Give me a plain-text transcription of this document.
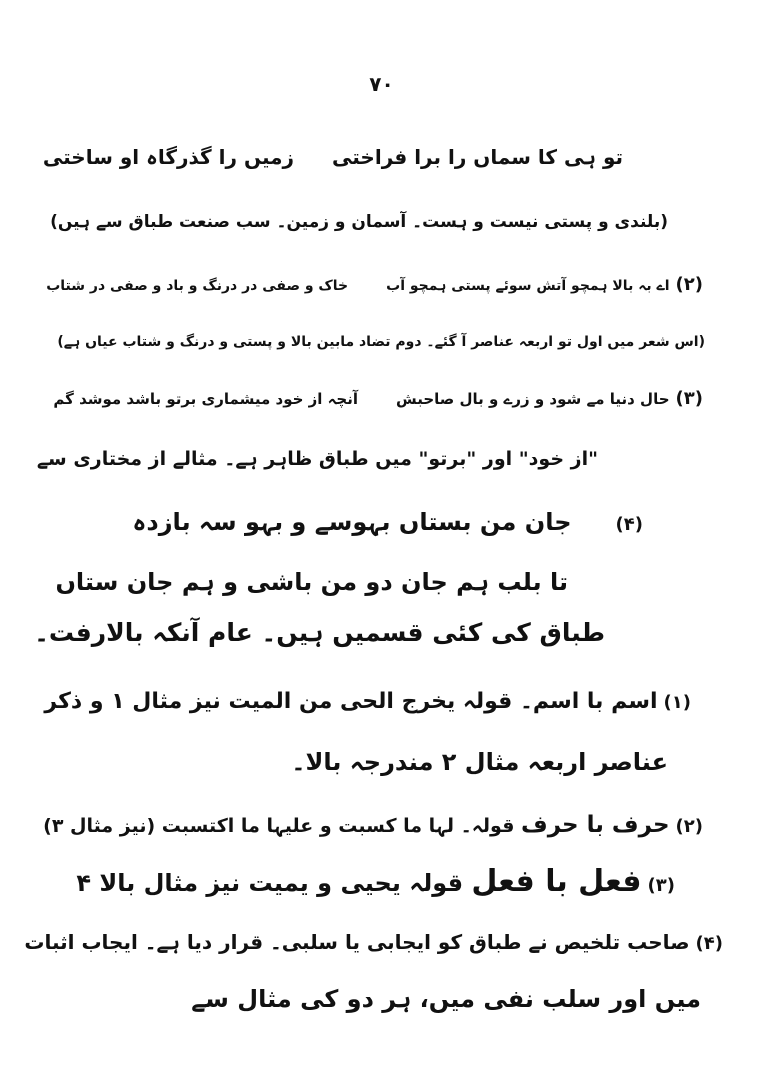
۷۰
تو ہی کا سماں را برا فراختیزمیں را گذرگاہ او ساختی
(بلندی و پستی نیست و ہست۔ آسمان و زمین۔ سب صنعت طباق سے ہیں)
(۲)اے بہ بالا ہمچو آتش سوئے پستی ہمچو آبخاک و صفی در درنگ و باد و صفی در شتاب
(اس شعر میں اول تو اربعہ عناصر آ گئے۔ دوم تضاد مابین بالا و پستی و درنگ و شتاب عیاں ہے)
(۳)حال دنیا مے شود و زرے و بال صاحبشآنچہ از خود میشماری برتو باشد موشد گم
"از خود" اور "برتو" میں طباق ظاہر ہے۔ مثالے از مختاری سے
(۴)جان من بستاں بہوسے و بہو سہ بازدہ
تا بلب ہم جان دو من باشی و ہم جان ستاں
طباق کی کئی قسمیں ہیں۔ عام آنکہ بالارفت۔
(۱)اسم با اسم۔ قولہ یخرج الحی من المیت نیز مثال ۱ و ذکر
عناصر اربعہ مثال ۲ مندرجہ بالا۔
(۲)حرف با حرف قولہ۔ لہا ما کسبت و علیہا ما اکتسبت (نیز مثال ۳)
(۳)فعل با فعل قولہ یحیی و یمیت نیز مثال بالا ۴
(۴)صاحب تلخیص نے طباق کو ایجابی یا سلبی۔ قرار دیا ہے۔ ایجاب اثبات
میں اور سلب نفی میں، ہر دو کی مثال سے
